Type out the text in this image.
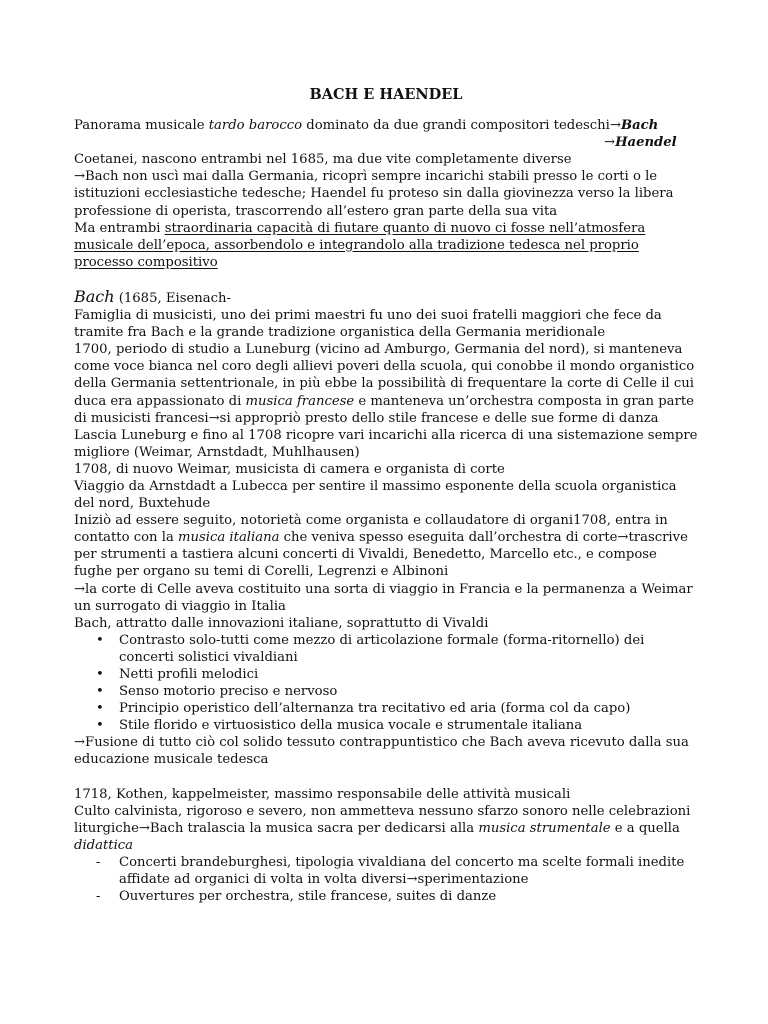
BACH E HAENDEL

Panorama musicale tardo barocco dominato da due grandi compositori tedeschi→Bach

→Haendel

Coetanei, nascono entrambi nel 1685, ma due vite completamente diverse

→Bach non uscì mai dalla Germania, ricoprì sempre incarichi stabili presso le corti o le istituzioni ecclesiastiche tedesche; Haendel fu proteso sin dalla giovinezza verso la libera professione di operista, trascorrendo all’estero gran parte della sua vita

Ma entrambi straordinaria capacità di fiutare quanto di nuovo ci fosse nell’atmosfera musicale dell’epoca, assorbendolo e integrandolo alla tradizione tedesca nel proprio processo compositivo

Bach (1685, Eisenach-

Famiglia di musicisti, uno dei primi maestri fu uno dei suoi fratelli maggiori che fece da tramite fra Bach e la grande tradizione organistica della Germania meridionale

1700, periodo di studio a Luneburg (vicino ad Amburgo, Germania del nord), si manteneva come voce bianca nel coro degli allievi poveri della scuola, qui conobbe il mondo organistico della Germania settentrionale, in più ebbe la possibilità di frequentare la corte di Celle il cui duca era appassionato di musica francese e manteneva un’orchestra composta in gran parte di musicisti francesi→si appropriò presto dello stile francese e delle sue forme di danza

Lascia Luneburg e fino al 1708 ricopre vari incarichi alla ricerca di una sistemazione sempre migliore (Weimar, Arnstdadt, Muhlhausen)

1708, di nuovo Weimar, musicista di camera e organista di corte

Viaggio da Arnstdadt a Lubecca per sentire il massimo esponente della scuola organistica del nord, Buxtehude

Iniziò ad essere seguito, notorietà come organista e collaudatore di organi1708, entra in contatto con la musica italiana che veniva spesso eseguita dall’orchestra di corte→trascrive per strumenti a tastiera alcuni concerti di Vivaldi, Benedetto, Marcello etc., e compose fughe per organo su temi di Corelli, Legrenzi e Albinoni

→la corte di Celle aveva costituito una sorta di viaggio in Francia e la permanenza a Weimar un surrogato di viaggio in Italia

Bach, attratto dalle innovazioni italiane, soprattutto di Vivaldi

• Contrasto solo-tutti come mezzo di articolazione formale (forma-ritornello) dei concerti solistici vivaldiani
• Netti profili melodici
• Senso motorio preciso e nervoso
• Principio operistico dell’alternanza tra recitativo ed aria (forma col da capo)
• Stile florido e virtuosistico della musica vocale e strumentale italiana

→Fusione di tutto ciò col solido tessuto contrappuntistico che Bach aveva ricevuto dalla sua educazione musicale tedesca

1718, Kothen, kappelmeister, massimo responsabile delle attività musicali

Culto calvinista, rigoroso e severo, non ammetteva nessuno sfarzo sonoro nelle celebrazioni liturgiche→Bach tralascia la musica sacra per dedicarsi alla musica strumentale e a quella didattica

- Concerti brandeburghesi, tipologia vivaldiana del concerto ma scelte formali inedite affidate ad organici di volta in volta diversi→sperimentazione
- Ouvertures per orchestra, stile francese, suites di danze
